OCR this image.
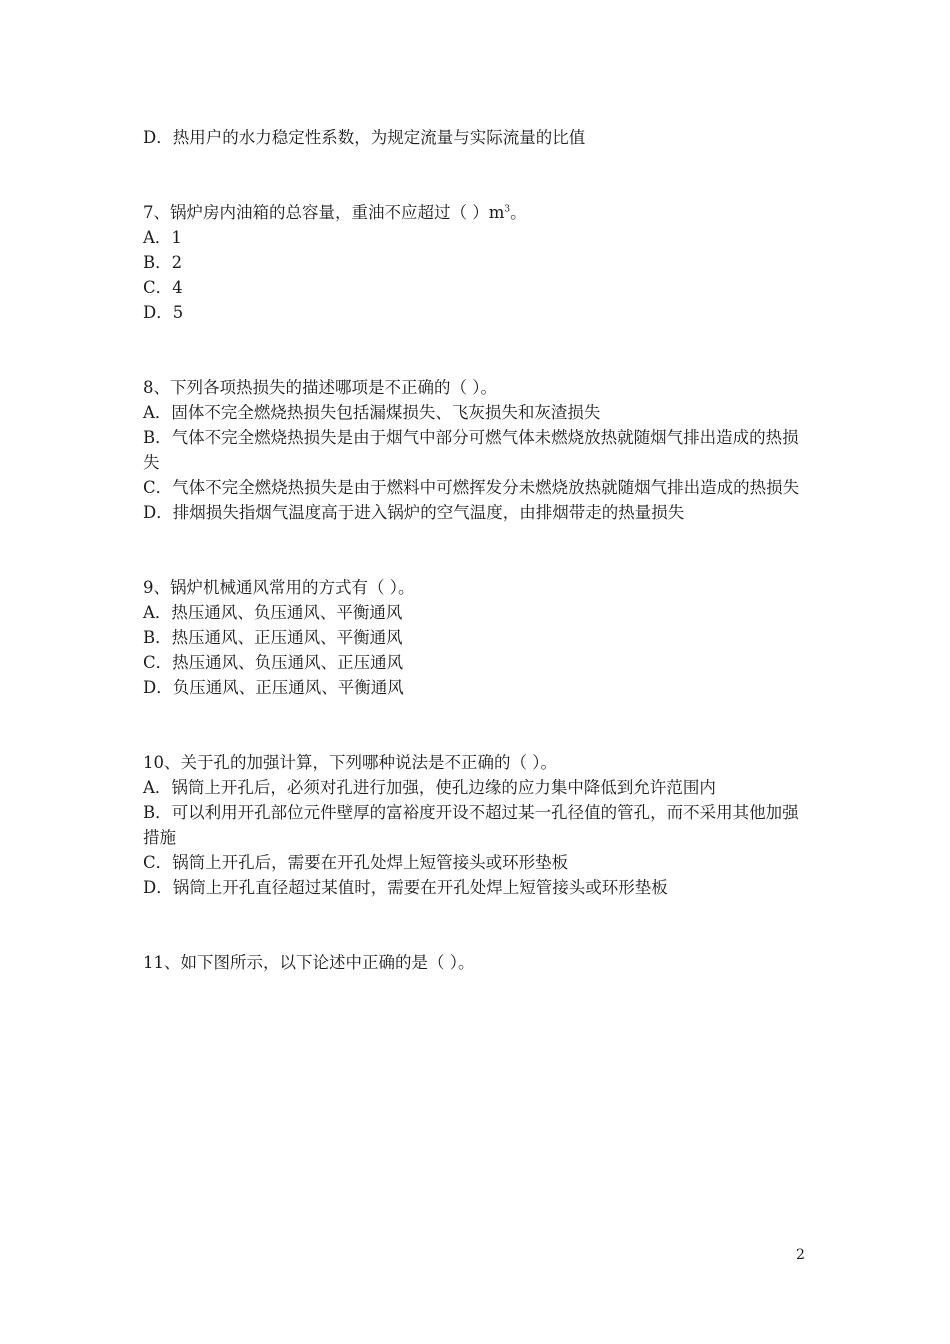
D．热用户的水力稳定性系数，为规定流量与实际流量的比值

7、锅炉房内油箱的总容量，重油不应超过（ ）$m^3$。

A．1

B．2

C．4

D．5

8、下列各项热损失的描述哪项是不正确的（ ）。

A．固体不完全燃烧热损失包括漏煤损失、飞灰损失和灰渣损失

B．气体不完全燃烧热损失是由于烟气中部分可燃气体未燃烧放热就随烟气排出造成的热损失

C．气体不完全燃烧热损失是由于燃料中可燃挥发分未燃烧放热就随烟气排出造成的热损失

D．排烟损失指烟气温度高于进入锅炉的空气温度，由排烟带走的热量损失

9、锅炉机械通风常用的方式有（ ）。

A．热压通风、负压通风、平衡通风

B．热压通风、正压通风、平衡通风

C．热压通风、负压通风、正压通风

D．负压通风、正压通风、平衡通风

10、关于孔的加强计算，下列哪种说法是不正确的（ ）。

A．锅筒上开孔后，必须对孔进行加强，使孔边缘的应力集中降低到允许范围内

B．可以利用开孔部位元件壁厚的富裕度开设不超过某一孔径值的管孔，而不采用其他加强措施

C．锅筒上开孔后，需要在开孔处焊上短管接头或环形垫板

D．锅筒上开孔直径超过某值时，需要在开孔处焊上短管接头或环形垫板

11、如下图所示，以下论述中正确的是（ ）。

2
